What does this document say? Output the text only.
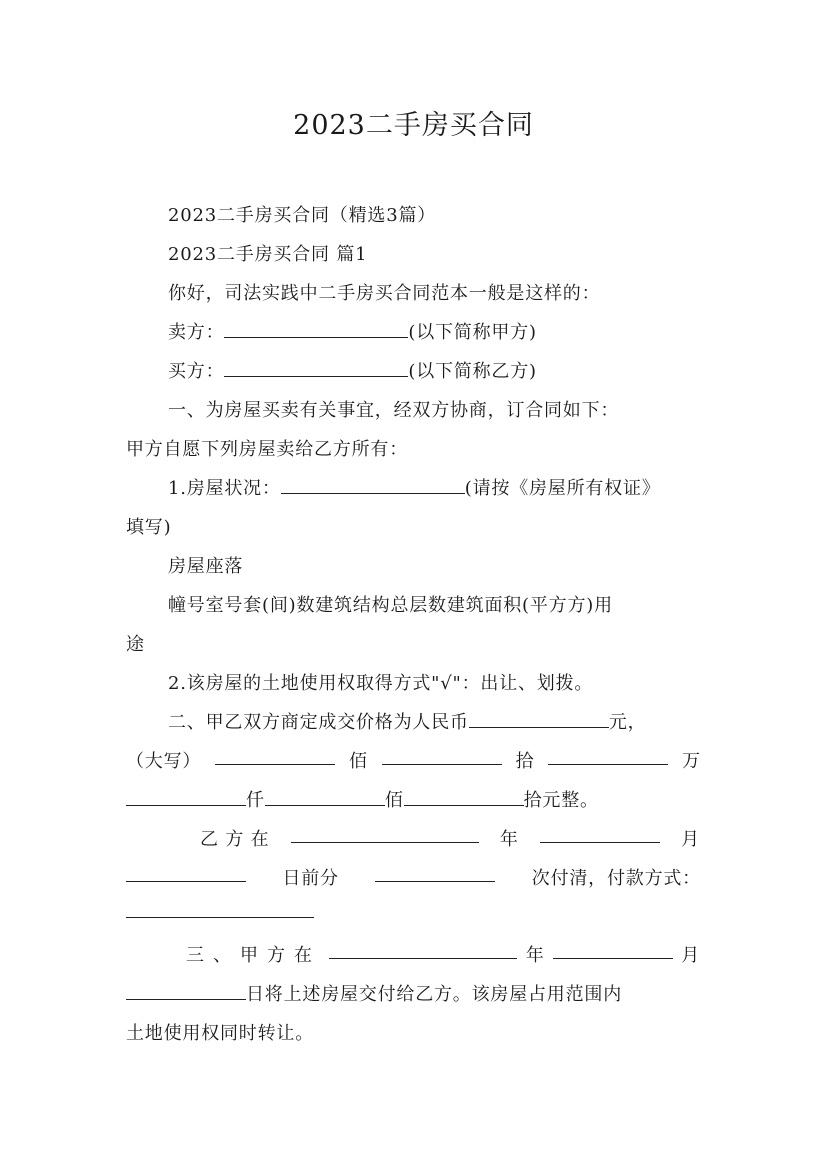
2023二手房买合同
2023二手房买合同（精选3篇）
2023二手房买合同 篇1
你好，司法实践中二手房买合同范本一般是这样的：
卖方：	(以下简称甲方)
买方：	(以下简称乙方)
一、为房屋买卖有关事宜，经双方协商，订合同如下：
甲方自愿下列房屋卖给乙方所有：
1.房屋状况：	(请按《房屋所有权证》
填写)
房屋座落
幢号室号套(间)数建筑结构总层数建筑面积(平方方)用
途
2.该房屋的土地使用权取得方式"√"：出让、划拨。
二、甲乙双方商定成交价格为人民币	元，
（大写）	佰	拾	万
仟	佰	拾元整。
乙 方 在	年	月
日前分	次付清，付款方式：
三、甲方在	年	月
日将上述房屋交付给乙方。该房屋占用范围内
土地使用权同时转让。
